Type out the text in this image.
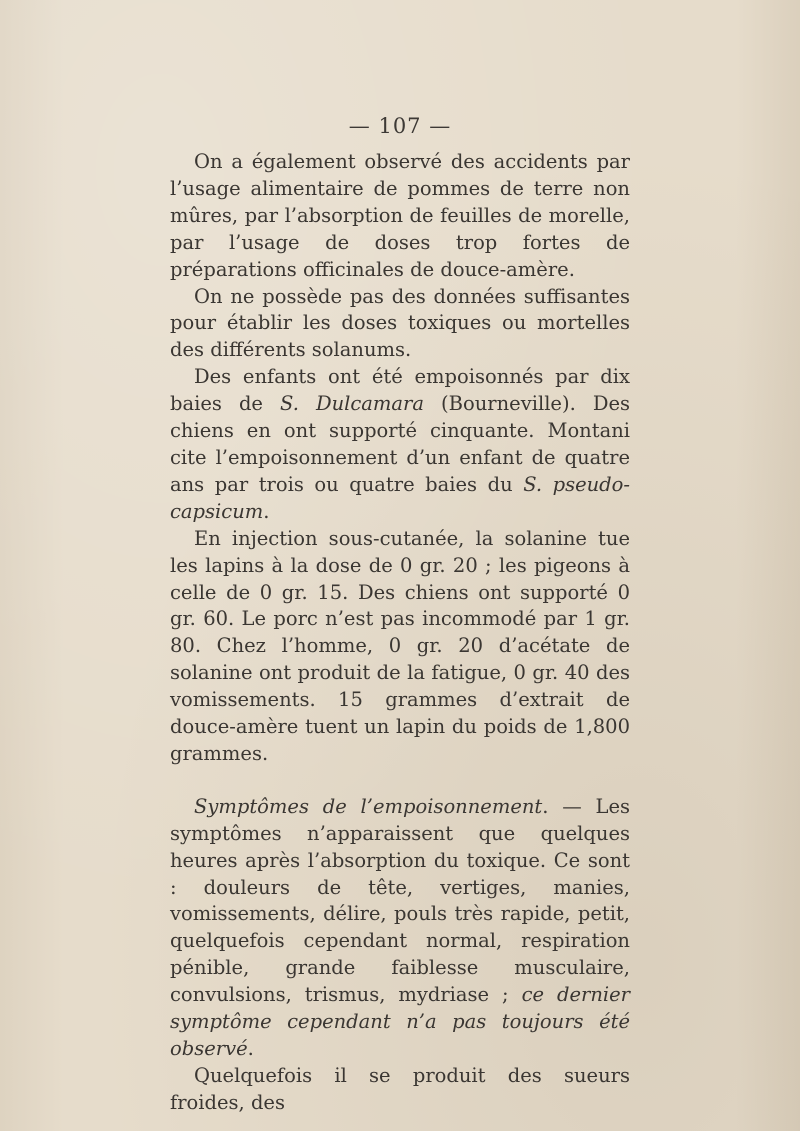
— 107 —

On a également observé des accidents par l’usage alimentaire de pommes de terre non mûres, par l’absorption de feuilles de morelle, par l’usage de doses trop fortes de préparations officinales de douce-amère.

On ne possède pas des données suffisantes pour établir les doses toxiques ou mortelles des différents solanums.

Des enfants ont été empoisonnés par dix baies de S. Dulcamara (Bourneville). Des chiens en ont supporté cinquante. Montani cite l’empoisonnement d’un enfant de quatre ans par trois ou quatre baies du S. pseudo-capsicum.

En injection sous-cutanée, la solanine tue les lapins à la dose de 0 gr. 20 ; les pigeons à celle de 0 gr. 15. Des chiens ont supporté 0 gr. 60. Le porc n’est pas incommodé par 1 gr. 80. Chez l’homme, 0 gr. 20 d’acétate de solanine ont produit de la fatigue, 0 gr. 40 des vomissements. 15 grammes d’extrait de douce-amère tuent un lapin du poids de 1,800 grammes.

Symptômes de l’empoisonnement. — Les symptômes n’apparaissent que quelques heures après l’absorption du toxique. Ce sont : douleurs de tête, vertiges, manies, vomissements, délire, pouls très rapide, petit, quelquefois cependant normal, respiration pénible, grande faiblesse musculaire, convulsions, trismus, mydriase ; ce dernier symptôme cependant n’a pas toujours été observé.

Quelquefois il se produit des sueurs froides, des
